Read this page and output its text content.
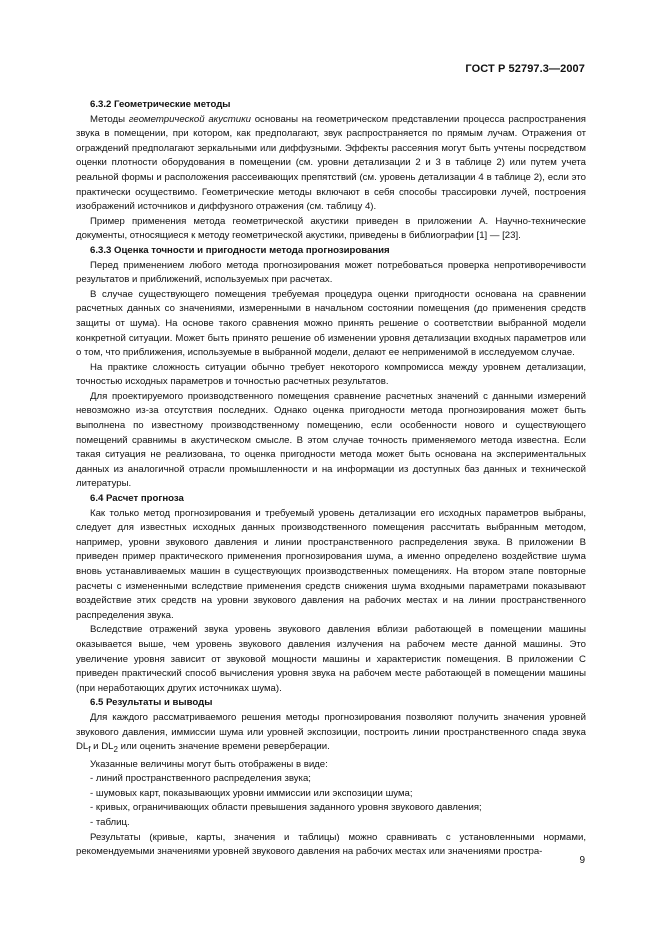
ГОСТ Р 52797.3—2007
6.3.2 Геометрические методы

Методы геометрической акустики основаны на геометрическом представлении процесса распространения звука в помещении, при котором, как предполагают, звук распространяется по прямым лучам. Отражения от ограждений предполагают зеркальными или диффузными. Эффекты рассеяния могут быть учтены посредством оценки плотности оборудования в помещении (см. уровни детализации 2 и 3 в таблице 2) или путем учета реальной формы и расположения рассеивающих препятствий (см. уровень детализации 4 в таблице 2), если это практически осуществимо. Геометрические методы включают в себя способы трассировки лучей, построения изображений источников и диффузного отражения (см. таблицу 4).

Пример применения метода геометрической акустики приведен в приложении А. Научно-технические документы, относящиеся к методу геометрической акустики, приведены в библиографии [1] — [23].

6.3.3 Оценка точности и пригодности метода прогнозирования

Перед применением любого метода прогнозирования может потребоваться проверка непротиворечивости результатов и приближений, используемых при расчетах.

В случае существующего помещения требуемая процедура оценки пригодности основана на сравнении расчетных данных со значениями, измеренными в начальном состоянии помещения (до применения средств защиты от шума). На основе такого сравнения можно принять решение о соответствии выбранной модели конкретной ситуации. Может быть принято решение об изменении уровня детализации входных параметров или о том, что приближения, используемые в выбранной модели, делают ее неприменимой в исследуемом случае.

На практике сложность ситуации обычно требует некоторого компромисса между уровнем детализации, точностью исходных параметров и точностью расчетных результатов.

Для проектируемого производственного помещения сравнение расчетных значений с данными измерений невозможно из-за отсутствия последних. Однако оценка пригодности метода прогнозирования может быть выполнена по известному производственному помещению, если особенности нового и существующего помещений сравнимы в акустическом смысле. В этом случае точность применяемого метода известна. Если такая ситуация не реализована, то оценка пригодности метода может быть основана на экспериментальных данных из аналогичной отрасли промышленности и на информации из доступных баз данных и технической литературы.

6.4 Расчет прогноза

Как только метод прогнозирования и требуемый уровень детализации его исходных параметров выбраны, следует для известных исходных данных производственного помещения рассчитать выбранным методом, например, уровни звукового давления и линии пространственного распределения звука. В приложении В приведен пример практического применения прогнозирования шума, а именно определено воздействие шума вновь устанавливаемых машин в существующих производственных помещениях. На втором этапе повторные расчеты с измененными вследствие применения средств снижения шума входными параметрами показывают воздействие этих средств на уровни звукового давления на рабочих местах и на линии пространственного распределения звука.

Вследствие отражений звука уровень звукового давления вблизи работающей в помещении машины оказывается выше, чем уровень звукового давления излучения на рабочем месте данной машины. Это увеличение уровня зависит от звуковой мощности машины и характеристик помещения. В приложении С приведен практический способ вычисления уровня звука на рабочем месте работающей в помещении машины (при неработающих других источниках шума).

6.5 Результаты и выводы

Для каждого рассматриваемого решения методы прогнозирования позволяют получить значения уровней звукового давления, иммиссии шума или уровней экспозиции, построить линии пространственного спада звука $DL_f$ и $DL_2$ или оценить значение времени реверберации.

Указанные величины могут быть отображены в виде:

- линий пространственного распределения звука;
- шумовых карт, показывающих уровни иммиссии или экспозиции шума;
- кривых, ограничивающих области превышения заданного уровня звукового давления;
- таблиц.

Результаты (кривые, карты, значения и таблицы) можно сравнивать с установленными нормами, рекомендуемыми значениями уровней звукового давления на рабочих местах или значениями простра-

9
